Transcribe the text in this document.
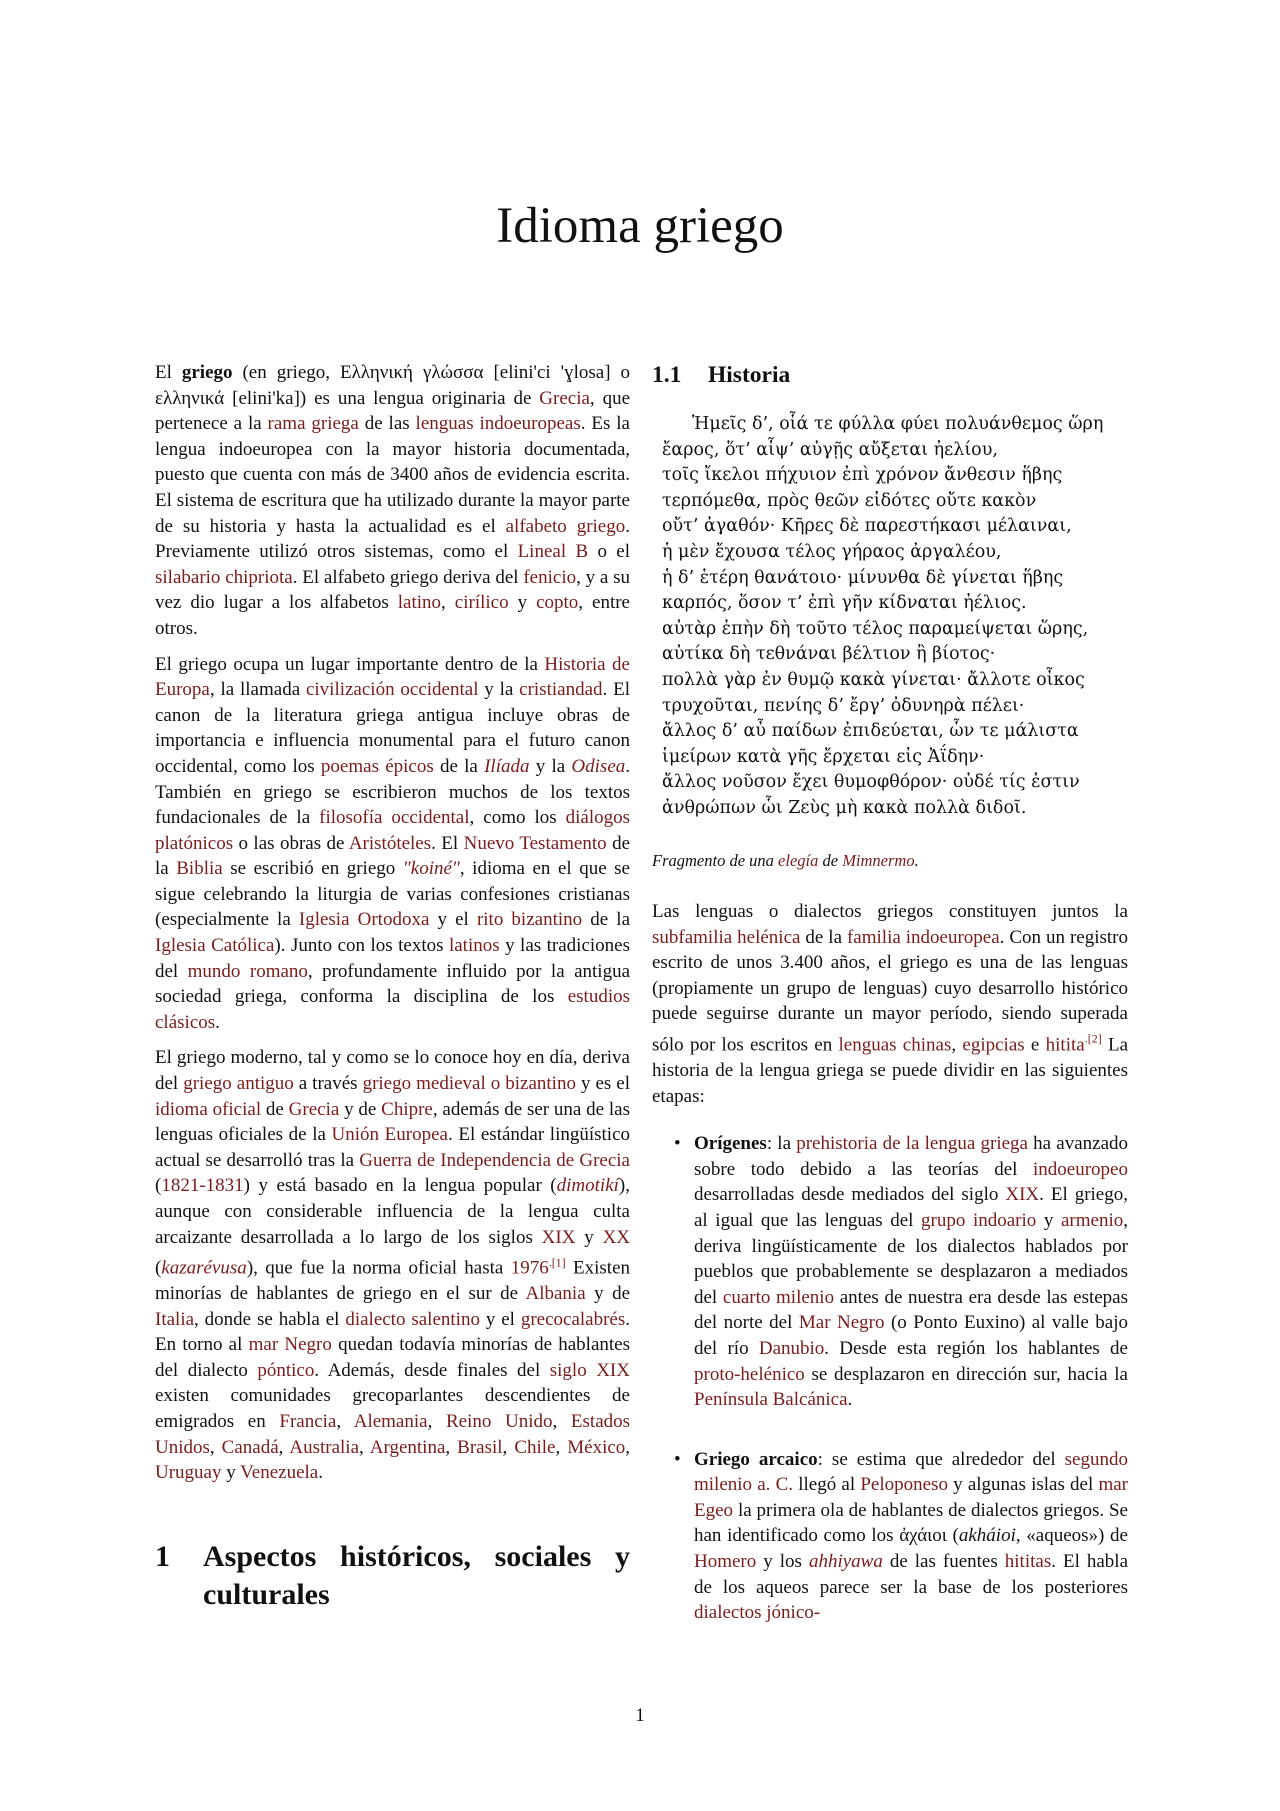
Idioma griego

El griego (en griego, Ελληνική γλώσσα [elini'ci 'ɣlosa] o ελληνικά [elini'ka]) es una lengua originaria de Grecia, que pertenece a la rama griega de las lenguas indoeuropeas. Es la lengua indoeuropea con la mayor historia documentada, puesto que cuenta con más de 3400 años de evidencia escrita. El sistema de escritura que ha utilizado durante la mayor parte de su historia y hasta la actualidad es el alfabeto griego. Previamente utilizó otros sistemas, como el Lineal B o el silabario chipriota. El alfabeto griego deriva del fenicio, y a su vez dio lugar a los alfabetos latino, cirílico y copto, entre otros.

El griego ocupa un lugar importante dentro de la Historia de Europa, la llamada civilización occidental y la cristiandad. El canon de la literatura griega antigua incluye obras de importancia e influencia monumental para el futuro canon occidental, como los poemas épicos de la Ilíada y la Odisea. También en griego se escribieron muchos de los textos fundacionales de la filosofía occidental, como los diálogos platónicos o las obras de Aristóteles. El Nuevo Testamento de la Biblia se escribió en griego "koiné", idioma en el que se sigue celebrando la liturgia de varias confesiones cristianas (especialmente la Iglesia Ortodoxa y el rito bizantino de la Iglesia Católica). Junto con los textos latinos y las tradiciones del mundo romano, profundamente influido por la antigua sociedad griega, conforma la disciplina de los estudios clásicos.

El griego moderno, tal y como se lo conoce hoy en día, deriva del griego antiguo a través griego medieval o bizantino y es el idioma oficial de Grecia y de Chipre, además de ser una de las lenguas oficiales de la Unión Europea. El estándar lingüístico actual se desarrolló tras la Guerra de Independencia de Grecia (1821-1831) y está basado en la lengua popular (dimotikí), aunque con considerable influencia de la lengua culta arcaizante desarrollada a lo largo de los siglos XIX y XX (kazarévusa), que fue la norma oficial hasta 1976$^{.[1]}$ Existen minorías de hablantes de griego en el sur de Albania y de Italia, donde se habla el dialecto salentino y el grecocalabrés. En torno al mar Negro quedan todavía minorías de hablantes del dialecto póntico. Además, desde finales del siglo XIX existen comunidades grecoparlantes descendientes de emigrados en Francia, Alemania, Reino Unido, Estados Unidos, Canadá, Australia, Argentina, Brasil, Chile, México, Uruguay y Venezuela.

1	Aspectos históricos, sociales y culturales
1.1 Historia
Ἡμεῖς δ’, οἷά τε φύλλα φύει πολυάνθεμος ὥρη
ἔαρος, ὅτ’ αἶψ’ αὐγῇς αὔξεται ἠελίου,
τοῖς ἴκελοι πήχυιον ἐπὶ χρόνον ἄνθεσιν ἥβης
τερπόμεθα, πρὸς θεῶν εἰδότες οὔτε κακὸν
οὔτ’ ἀγαθόν· Κῆρες δὲ παρεστήκασι μέλαιναι,
ἡ μὲν ἔχουσα τέλος γήραος ἀργαλέου,
ἡ δ’ ἑτέρη θανάτοιο· μίνυνθα δὲ γίνεται ἥβης
καρπός, ὅσον τ’ ἐπὶ γῆν κίδναται ἠέλιος.
αὐτὰρ ἐπὴν δὴ τοῦτο τέλος παραμείψεται ὥρης,
αὐτίκα δὴ τεθνάναι βέλτιον ἢ βίοτος·
πολλὰ γὰρ ἐν θυμῷ κακὰ γίνεται· ἄλλοτε οἶκος
τρυχοῦται, πενίης δ’ ἔργ’ ὀδυνηρὰ πέλει·
ἄλλος δ’ αὖ παίδων ἐπιδεύεται, ὧν τε μάλιστα
ἱμείρων κατὰ γῆς ἔρχεται εἰς Ἀΐδην·
ἄλλος νοῦσον ἔχει θυμοφθόρον· οὐδέ τίς ἐστιν
ἀνθρώπων ὧι Ζεὺς μὴ κακὰ πολλὰ διδοῖ.
Fragmento de una elegía de Mimnermo.

Las lenguas o dialectos griegos constituyen juntos la subfamilia helénica de la familia indoeuropea. Con un registro escrito de unos 3.400 años, el griego es una de las lenguas (propiamente un grupo de lenguas) cuyo desarrollo histórico puede seguirse durante un mayor período, siendo superada sólo por los escritos en lenguas chinas, egipcias e hitita$^{.[2]}$ La historia de la lengua griega se puede dividir en las siguientes etapas:

• Orígenes: la prehistoria de la lengua griega ha avanzado sobre todo debido a las teorías del indoeuropeo desarrolladas desde mediados del siglo XIX. El griego, al igual que las lenguas del grupo indoario y armenio, deriva lingüísticamente de los dialectos hablados por pueblos que probablemente se desplazaron a mediados del cuarto milenio antes de nuestra era desde las estepas del norte del Mar Negro (o Ponto Euxino) al valle bajo del río Danubio. Desde esta región los hablantes de proto-helénico se desplazaron en dirección sur, hacia la Península Balcánica.
• Griego arcaico: se estima que alrededor del segundo milenio a. C. llegó al Peloponeso y algunas islas del mar Egeo la primera ola de hablantes de dialectos griegos. Se han identificado como los ἀχάιοι (akháioi, «aqueos») de Homero y los ahhiyawa de las fuentes hititas. El habla de los aqueos parece ser la base de los posteriores dialectos jónico-
1
